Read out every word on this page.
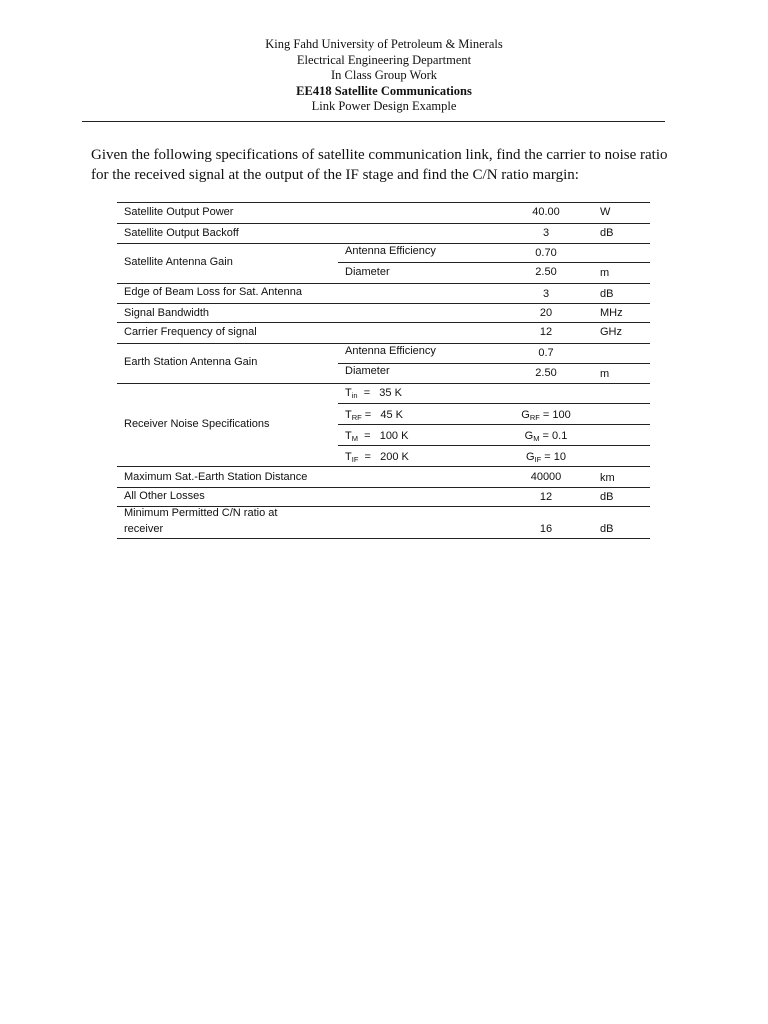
King Fahd University of Petroleum & Minerals
Electrical Engineering Department
In Class Group Work
EE418 Satellite Communications
Link Power Design Example
Given the following specifications of satellite communication link, find the carrier to noise ratio for the received signal at the output of the IF stage and find the C/N ratio margin:
Satellite Output Power	40.00	W
Satellite Output Backoff	3	dB
Satellite Antenna Gain
Antenna Efficiency	0.70
Diameter	2.50	m
Edge of Beam Loss for Sat. Antenna	3	dB
Signal Bandwidth	20	MHz
Carrier Frequency of signal	12	GHz
Earth Station Antenna Gain
Antenna Efficiency	0.7
Diameter	2.50	m
Receiver Noise Specifications
$T_{in} = 35$ K
$T_{RF} = 45$ K	$G_{RF} = 100$
$T_M = 100$ K	$G_M = 0.1$
$T_{IF} = 200$ K	$G_{IF} = 10$
Maximum Sat.-Earth Station Distance	40000	km
All Other Losses	12	dB
Minimum Permitted C/N ratio at
receiver	16	dB
